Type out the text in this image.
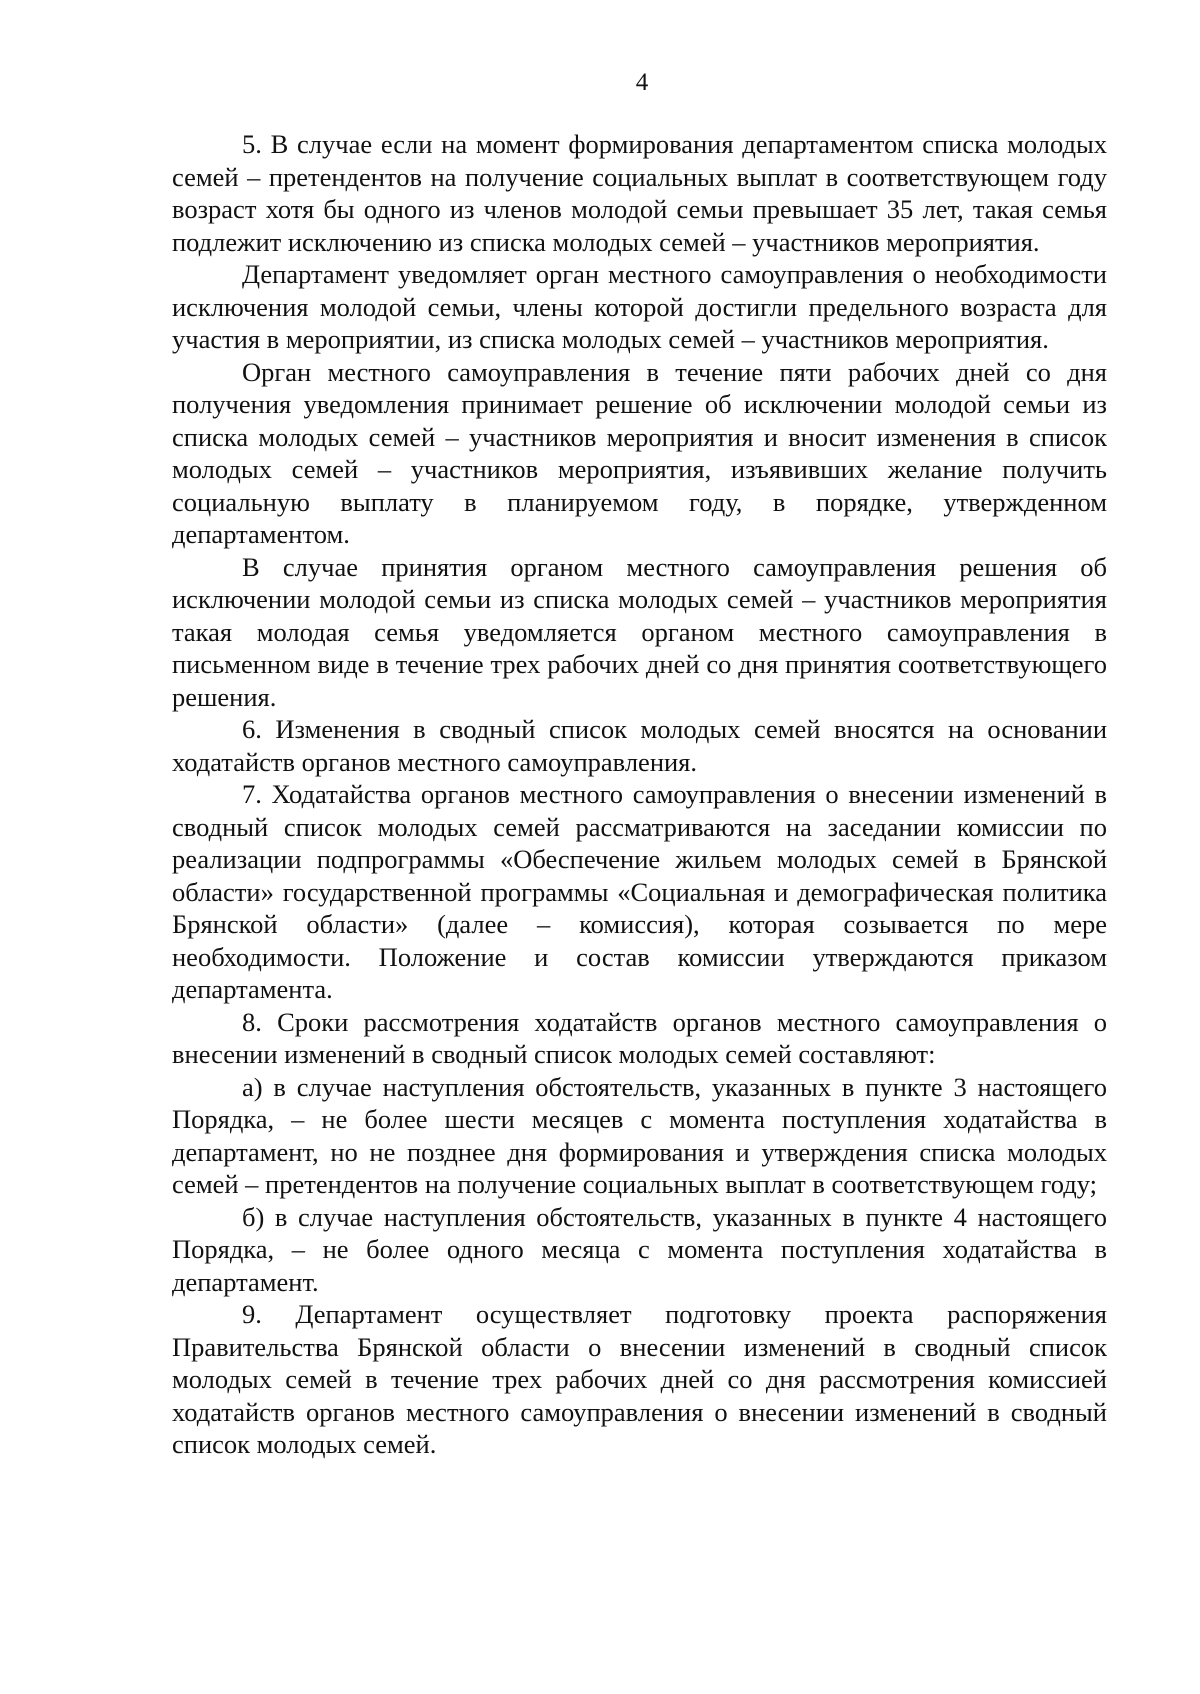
4

5. В случае если на момент формирования департаментом списка молодых семей – претендентов на получение социальных выплат в соответствующем году возраст хотя бы одного из членов молодой семьи превышает 35 лет, такая семья подлежит исключению из списка молодых семей – участников мероприятия.

Департамент уведомляет орган местного самоуправления о необходимости исключения молодой семьи, члены которой достигли предельного возраста для участия в мероприятии, из списка молодых семей – участников мероприятия.

Орган местного самоуправления в течение пяти рабочих дней со дня получения уведомления принимает решение об исключении молодой семьи из списка молодых семей – участников мероприятия и вносит изменения в список молодых семей – участников мероприятия, изъявивших желание получить социальную выплату в планируемом году, в порядке, утвержденном департаментом.

В случае принятия органом местного самоуправления решения об исключении молодой семьи из списка молодых семей – участников мероприятия такая молодая семья уведомляется органом местного самоуправления в письменном виде в течение трех рабочих дней со дня принятия соответствующего решения.

6. Изменения в сводный список молодых семей вносятся на основании ходатайств органов местного самоуправления.

7. Ходатайства органов местного самоуправления о внесении изменений в сводный список молодых семей рассматриваются на заседании комиссии по реализации подпрограммы «Обеспечение жильем молодых семей в Брянской области» государственной программы «Социальная и демографическая политика Брянской области» (далее – комиссия), которая созывается по мере необходимости. Положение и состав комиссии утверждаются приказом департамента.

8. Сроки рассмотрения ходатайств органов местного самоуправления о внесении изменений в сводный список молодых семей составляют:

а) в случае наступления обстоятельств, указанных в пункте 3 настоящего Порядка, – не более шести месяцев с момента поступления ходатайства в департамент, но не позднее дня формирования и утверждения списка молодых семей – претендентов на получение социальных выплат в соответствующем году;

б) в случае наступления обстоятельств, указанных в пункте 4 настоящего Порядка, – не более одного месяца с момента поступления ходатайства в департамент.

9. Департамент осуществляет подготовку проекта распоряжения Правительства Брянской области о внесении изменений в сводный список молодых семей в течение трех рабочих дней со дня рассмотрения комиссией ходатайств органов местного самоуправления о внесении изменений в сводный список молодых семей.
